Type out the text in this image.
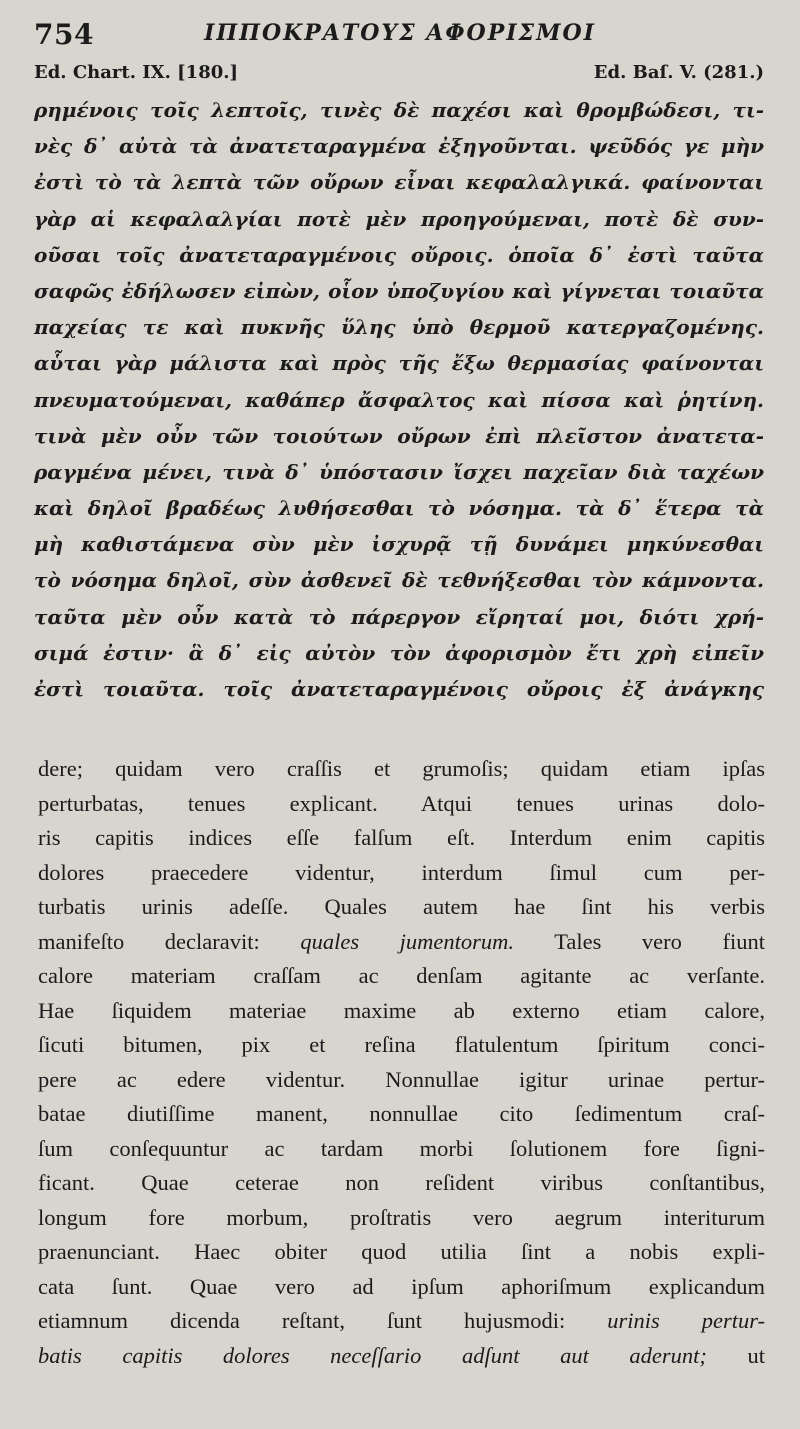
754	ΙΠΠΟΚΡΑΤΟΥΣ ΑΦΟΡΙΣΜΟΙ
Ed. Chart. IX. [180.]	Ed. Baſ. V. (281.)
ρημένοις τοῖς λεπτοῖς, τινὲς δὲ παχέσι καὶ θρομβώδεσι, τι-
νὲς δ᾽ αὐτὰ τὰ ἀνατεταραγμένα ἐξηγοῦνται. ψεῦδός γε μὴν
ἐστὶ τὸ τὰ λεπτὰ τῶν οὔρων εἶναι κεφαλαλγικά. φαίνονται
γὰρ αἱ κεφαλαλγίαι ποτὲ μὲν προηγούμεναι, ποτὲ δὲ συν-
οῦσαι τοῖς ἀνατεταραγμένοις οὔροις. ὁποῖα δ᾽ ἐστὶ ταῦτα
σαφῶς ἐδήλωσεν εἰπὼν, οἷον ὑποζυγίου καὶ γίγνεται τοιαῦτα
παχείας τε καὶ πυκνῆς ὕλης ὑπὸ θερμοῦ κατεργαζομένης.
αὗται γὰρ μάλιστα καὶ πρὸς τῆς ἔξω θερμασίας φαίνονται
πνευματούμεναι, καθάπερ ἄσφαλτος καὶ πίσσα καὶ ῥητίνη.
τινὰ μὲν οὖν τῶν τοιούτων οὔρων ἐπὶ πλεῖστον ἀνατετα-
ραγμένα μένει, τινὰ δ᾽ ὑπόστασιν ἴσχει παχεῖαν διὰ ταχέων
καὶ δηλοῖ βραδέως λυθήσεσθαι τὸ νόσημα. τὰ δ᾽ ἕτερα τὰ
μὴ καθιστάμενα σὺν μὲν ἰσχυρᾷ τῇ δυνάμει μηκύνεσθαι
τὸ νόσημα δηλοῖ, σὺν ἀσθενεῖ δὲ τεθνήξεσθαι τὸν κάμνοντα.
ταῦτα μὲν οὖν κατὰ τὸ πάρεργον εἴρηταί μοι, διότι χρή-
σιμά ἐστιν· ἃ δ᾽ εἰς αὐτὸν τὸν ἀφορισμὸν ἔτι χρὴ εἰπεῖν
ἐστὶ τοιαῦτα. τοῖς ἀνατεταραγμένοις οὔροις ἐξ ἀνάγκης
dere; quidam vero craſſis et grumoſis; quidam etiam ipſas
perturbatas, tenues explicant. Atqui tenues urinas dolo-
ris capitis indices eſſe falſum eſt. Interdum enim capitis
dolores praecedere videntur, interdum ſimul cum per-
turbatis urinis adeſſe. Quales autem hae ſint his verbis
manifeſto declaravit: quales jumentorum. Tales vero fiunt
calore materiam craſſam ac denſam agitante ac verſante.
Hae ſiquidem materiae maxime ab externo etiam calore,
ſicuti bitumen, pix et reſina flatulentum ſpiritum conci-
pere ac edere videntur. Nonnullae igitur urinae pertur-
batae diutiſſime manent, nonnullae cito ſedimentum craſ-
ſum conſequuntur ac tardam morbi ſolutionem fore ſigni-
ficant. Quae ceterae non reſident viribus conſtantibus,
longum fore morbum, proſtratis vero aegrum interiturum
praenunciant. Haec obiter quod utilia ſint a nobis expli-
cata ſunt. Quae vero ad ipſum aphoriſmum explicandum
etiamnum dicenda reſtant, ſunt hujusmodi: urinis pertur-
batis capitis dolores neceſſario adſunt aut aderunt; ut
